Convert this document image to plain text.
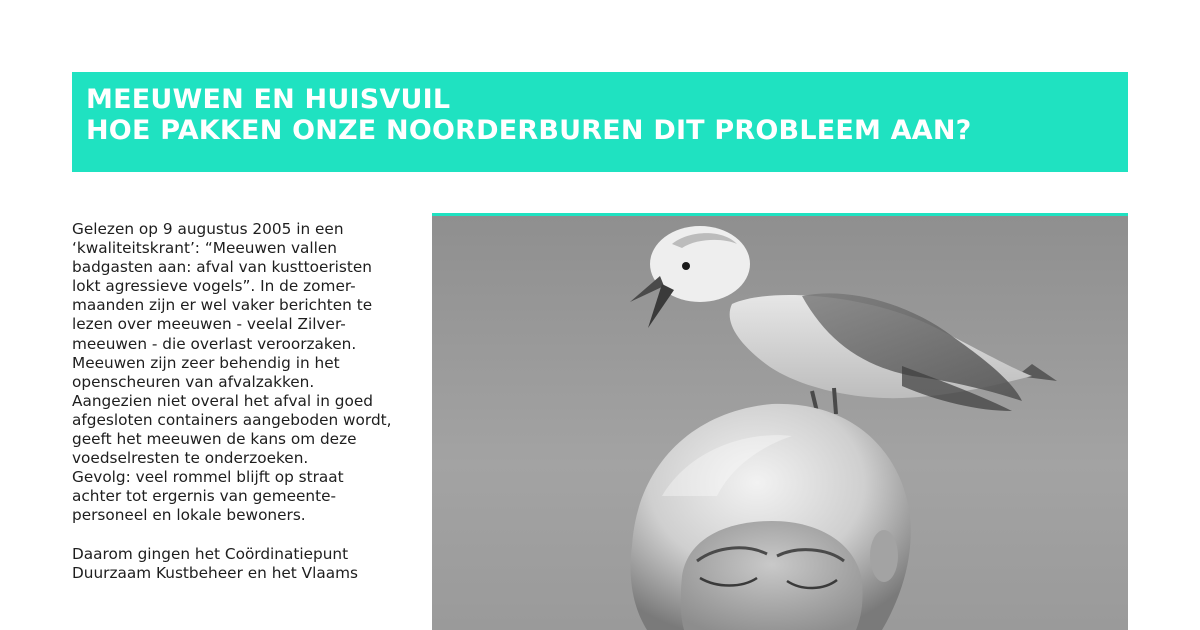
MEEUWEN EN HUISVUIL
HOE PAKKEN ONZE NOORDERBUREN DIT PROBLEEM AAN?
Gelezen op 9 augustus 2005 in een
‘kwaliteitskrant’: “Meeuwen vallen
badgasten aan: afval van kusttoeristen
lokt agressieve vogels”. In de zomer-
maanden zijn er wel vaker berichten te
lezen over meeuwen - veelal Zilver-
meeuwen - die overlast veroorzaken.
Meeuwen zijn zeer behendig in het
openscheuren van afvalzakken.
Aangezien niet overal het afval in goed
afgesloten containers aangeboden wordt,
geeft het meeuwen de kans om deze
voedselresten te onderzoeken.
Gevolg: veel rommel blijft op straat
achter tot ergernis van gemeente-
personeel en lokale bewoners.
Daarom gingen het Coördinatiepunt
Duurzaam Kustbeheer en het Vlaams
